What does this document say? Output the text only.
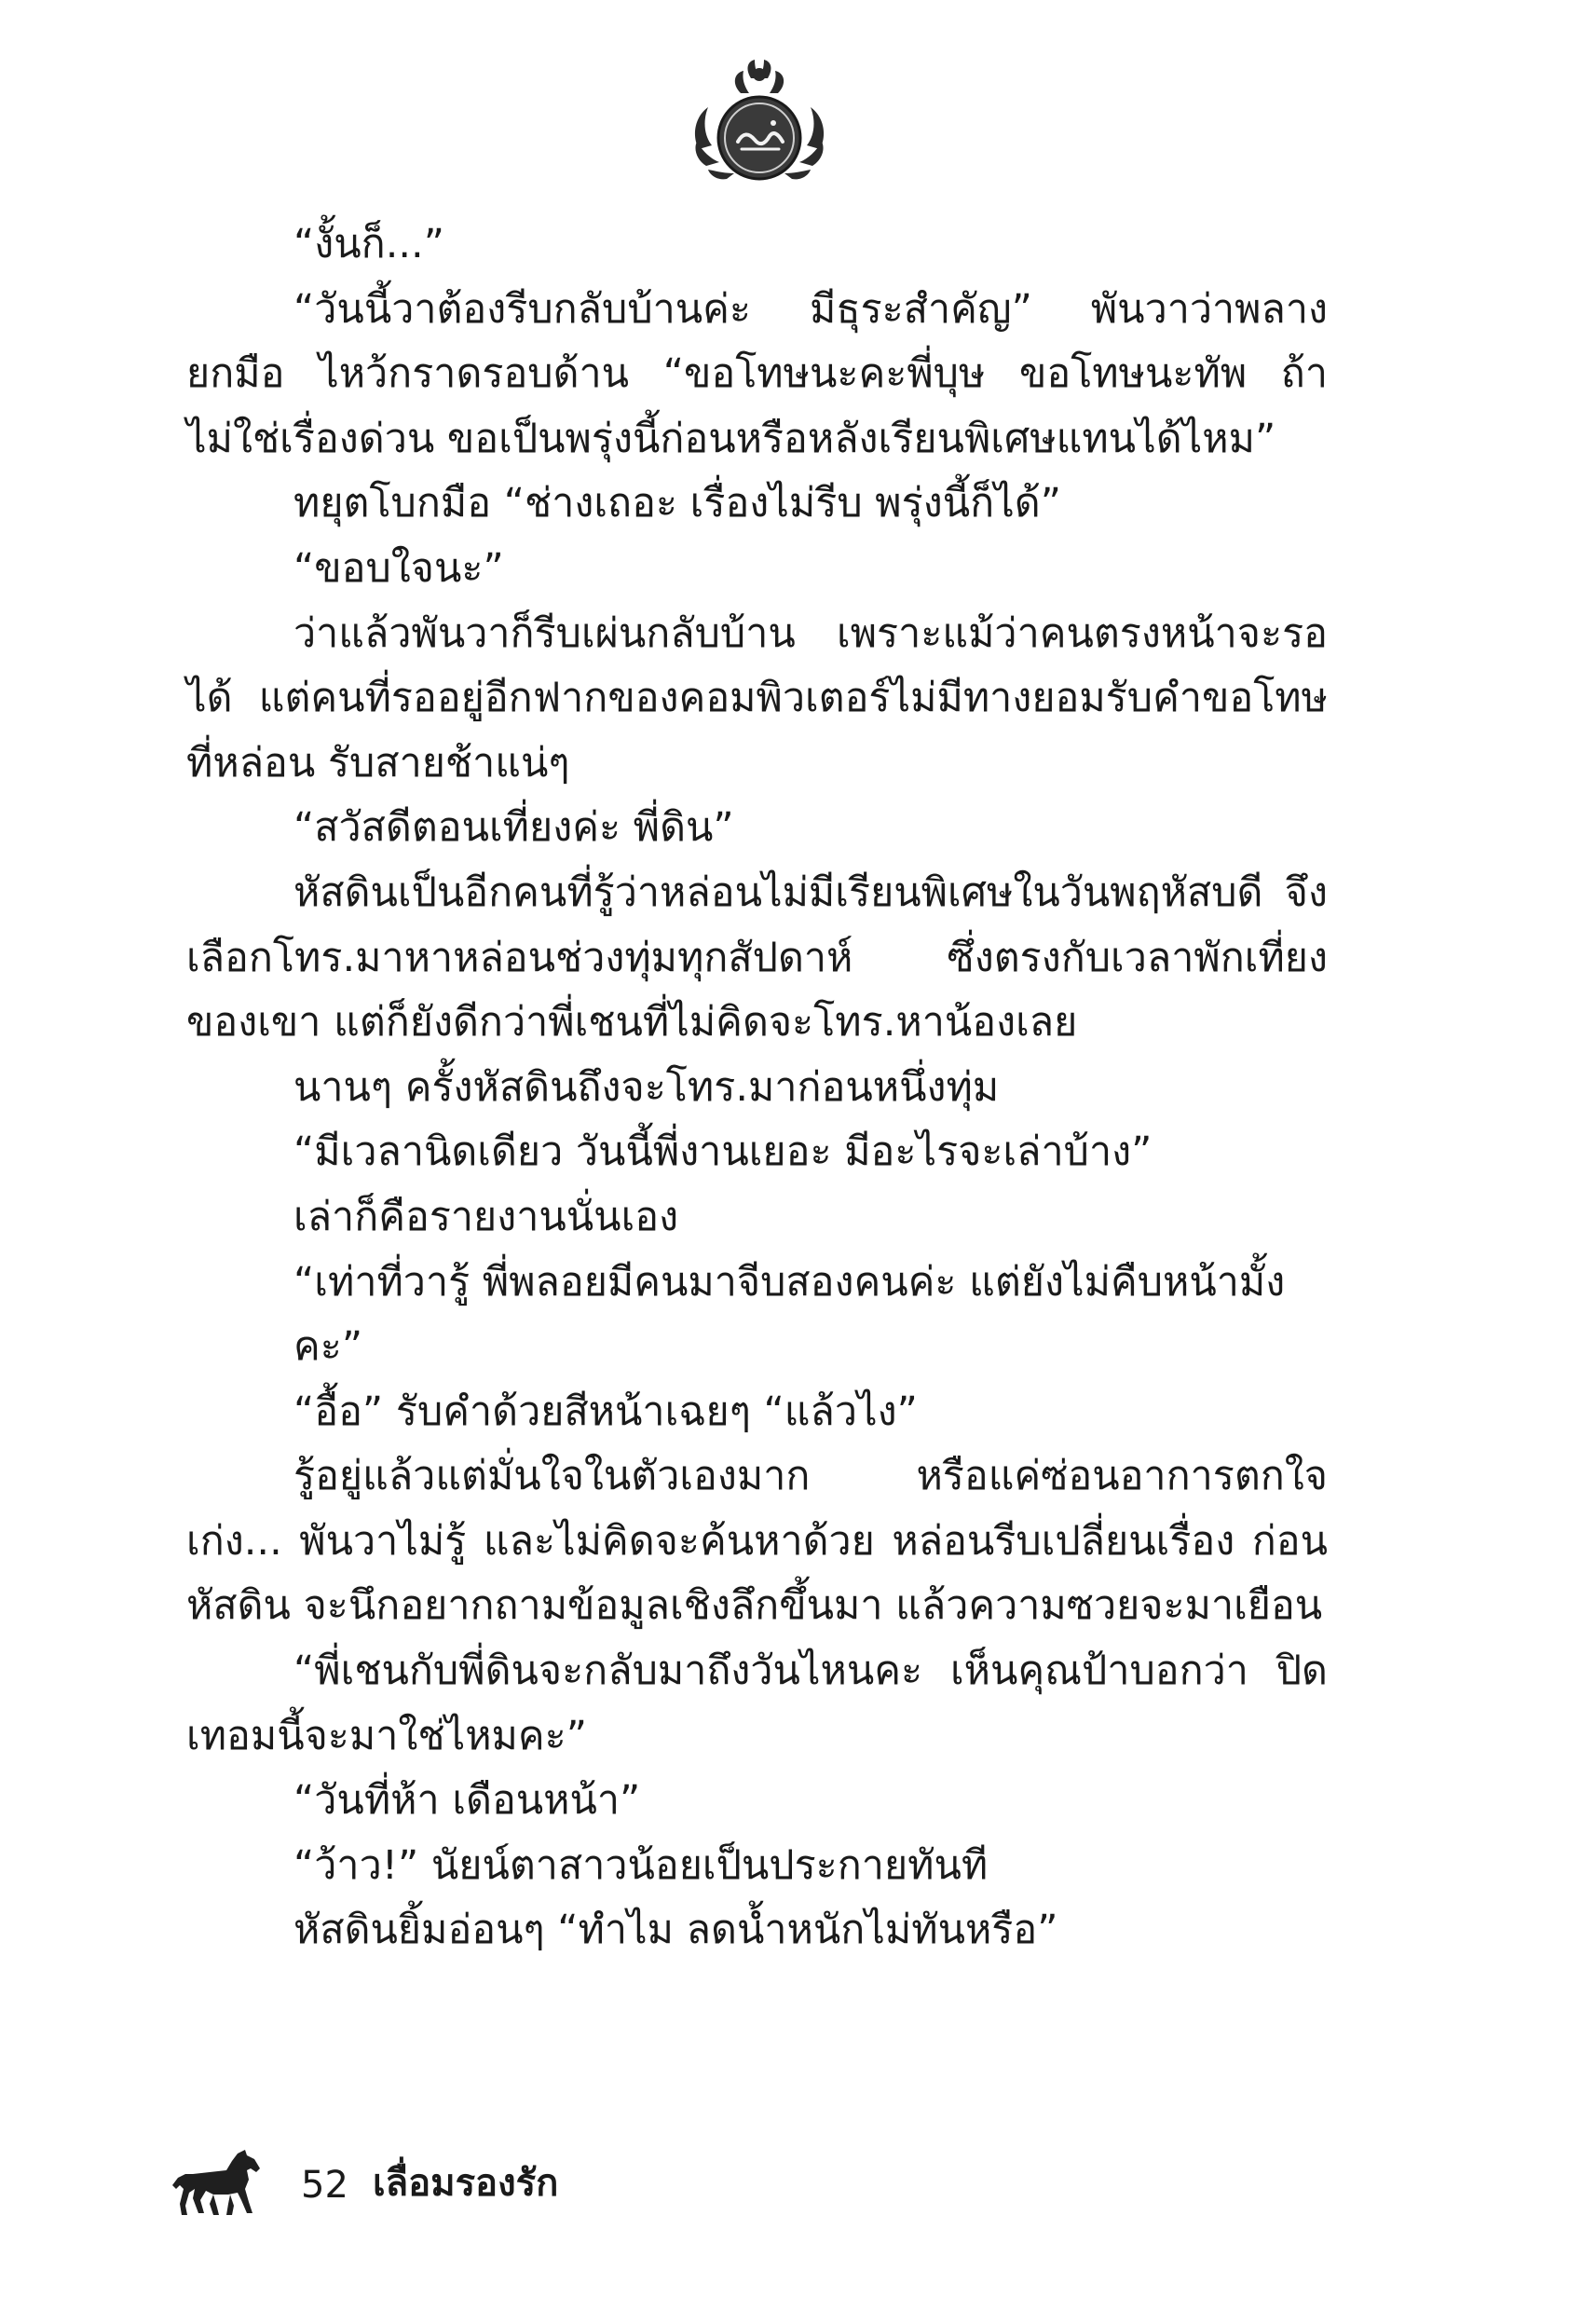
“งั้นก็...”

“วันนี้วาต้องรีบกลับบ้านค่ะ มีธุระสำคัญ” พันวาว่าพลางยกมือ ไหว้กราดรอบด้าน “ขอโทษนะคะพี่บุษ ขอโทษนะทัพ ถ้าไม่ใช่เรื่องด่วน ขอเป็นพรุ่งนี้ก่อนหรือหลังเรียนพิเศษแทนได้ไหม”

ทยุตโบกมือ “ช่างเถอะ เรื่องไม่รีบ พรุ่งนี้ก็ได้”

“ขอบใจนะ”

ว่าแล้วพันวาก็รีบเผ่นกลับบ้าน เพราะแม้ว่าคนตรงหน้าจะรอได้ แต่คนที่รออยู่อีกฟากของคอมพิวเตอร์ไม่มีทางยอมรับคำขอโทษที่หล่อน รับสายช้าแน่ๆ

“สวัสดีตอนเที่ยงค่ะ พี่ดิน”

หัสดินเป็นอีกคนที่รู้ว่าหล่อนไม่มีเรียนพิเศษในวันพฤหัสบดี จึงเลือกโทร.มาหาหล่อนช่วงทุ่มทุกสัปดาห์ ซึ่งตรงกับเวลาพักเที่ยง ของเขา แต่ก็ยังดีกว่าพี่เชนที่ไม่คิดจะโทร.หาน้องเลย

นานๆ ครั้งหัสดินถึงจะโทร.มาก่อนหนึ่งทุ่ม

“มีเวลานิดเดียว วันนี้พี่งานเยอะ มีอะไรจะเล่าบ้าง”

เล่าก็คือรายงานนั่นเอง

“เท่าที่วารู้ พี่พลอยมีคนมาจีบสองคนค่ะ แต่ยังไม่คืบหน้ามั้งคะ”

“อื้อ” รับคำด้วยสีหน้าเฉยๆ “แล้วไง”

รู้อยู่แล้วแต่มั่นใจในตัวเองมาก หรือแค่ซ่อนอาการตกใจเก่ง... พันวาไม่รู้ และไม่คิดจะค้นหาด้วย หล่อนรีบเปลี่ยนเรื่อง ก่อนหัสดิน จะนึกอยากถามข้อมูลเชิงลึกขึ้นมา แล้วความซวยจะมาเยือน

“พี่เชนกับพี่ดินจะกลับมาถึงวันไหนคะ เห็นคุณป้าบอกว่า ปิดเทอมนี้จะมาใช่ไหมคะ”

“วันที่ห้า เดือนหน้า”

“ว้าว!” นัยน์ตาสาวน้อยเป็นประกายทันที

หัสดินยิ้มอ่อนๆ “ทำไม ลดน้ำหนักไม่ทันหรือ”

52 เลื่อมรองรัก
